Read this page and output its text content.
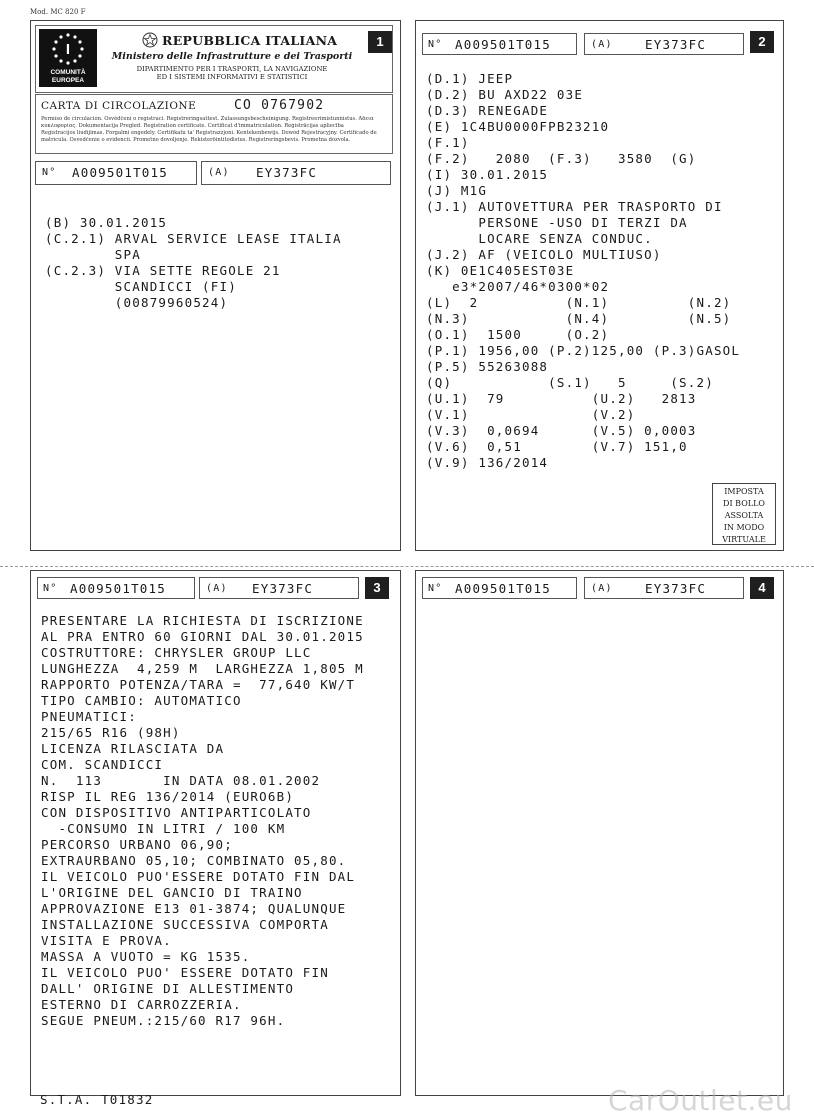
Mod. MC 820 F
1
I
COMUNITÀ
EUROPEA
REPUBBLICA ITALIANA
Ministero delle Infrastrutture e dei Trasporti
DIPARTIMENTO PER I TRASPORTI, LA NAVIGAZIONE
ED I SISTEMI INFORMATIVI E STATISTICI
CARTA DI CIRCOLAZIONE	CO 0767902
Permiso de circulación. Osvědčení o registraci. Registreringsattest. Zulassungsbescheinigung. Registreerimistunnistus. Άδεια
κυκλοφορίας. Dokumentacija Pregled. Registration certificate. Certificat d'immatriculation. Reģistrācijas apliecība
Registracijos liudijimas. Forgalmi engedély. Certifikatu ta' Registrazzjoni. Kentekenbewijs. Dowód Rejestracyjny. Certificado de
matrícula. Osvedčenie o evidencii. Prometno dovoljenje. Rekisteröintitodistus. Registreringsbevis. Prometna dozvola.
N° A009501T015	(A) EY373FC
(B) 30.01.2015
(C.2.1) ARVAL SERVICE LEASE ITALIA
SPA
(C.2.3) VIA SETTE REGOLE 21
SCANDICCI (FI)
(00879960524)
2
N° A009501T015	(A)	EY373FC
(D.1) JEEP
(D.2) BU AXD22 03E
(D.3) RENEGADE
(E) 1C4BU0000FPB23210
(F.1)
(F.2)   2080  (F.3)   3580  (G)
(I) 30.01.2015
(J) M1G
(J.1) AUTOVETTURA PER TRASPORTO DI
PERSONE -USO DI TERZI DA
LOCARE SENZA CONDUC.
(J.2) AF (VEICOLO MULTIUSO)
(K) 0E1C405EST03E
e3*2007/46*0300*02
(L)  2          (N.1)         (N.2)
(N.3)           (N.4)         (N.5)
(O.1)  1500     (O.2)
(P.1) 1956,00 (P.2)125,00 (P.3)GASOL
(P.5) 55263088
(Q)           (S.1)   5     (S.2)
(U.1)  79          (U.2)   2813
(V.1)              (V.2)
(V.3)  0,0694      (V.5) 0,0003
(V.6)  0,51        (V.7) 151,0
(V.9) 136/2014
IMPOSTA
DI BOLLO
ASSOLTA
IN MODO
VIRTUALE
3
N° A009501T015	(A) EY373FC
PRESENTARE LA RICHIESTA DI ISCRIZIONE
AL PRA ENTRO 60 GIORNI DAL 30.01.2015
COSTRUTTORE: CHRYSLER GROUP LLC
LUNGHEZZA  4,259 M  LARGHEZZA 1,805 M
RAPPORTO POTENZA/TARA =  77,640 KW/T
TIPO CAMBIO: AUTOMATICO
PNEUMATICI:
215/65 R16 (98H)
LICENZA RILASCIATA DA
COM. SCANDICCI
N.  113       IN DATA 08.01.2002
RISP IL REG 136/2014 (EURO6B)
CON DISPOSITIVO ANTIPARTICOLATO
-CONSUMO IN LITRI / 100 KM
PERCORSO URBANO 06,90;
EXTRAURBANO 05,10; COMBINATO 05,80.
IL VEICOLO PUO'ESSERE DOTATO FIN DAL
L'ORIGINE DEL GANCIO DI TRAINO
APPROVAZIONE E13 01-3874; QUALUNQUE
INSTALLAZIONE SUCCESSIVA COMPORTA
VISITA E PROVA.
MASSA A VUOTO = KG 1535.
IL VEICOLO PUO' ESSERE DOTATO FIN
DALL' ORIGINE DI ALLESTIMENTO
ESTERNO DI CARROZZERIA.
SEGUE PNEUM.:215/60 R17 96H.
S.T.A. T01832
4
N° A009501T015	(A)	EY373FC
CarOutlet.eu
